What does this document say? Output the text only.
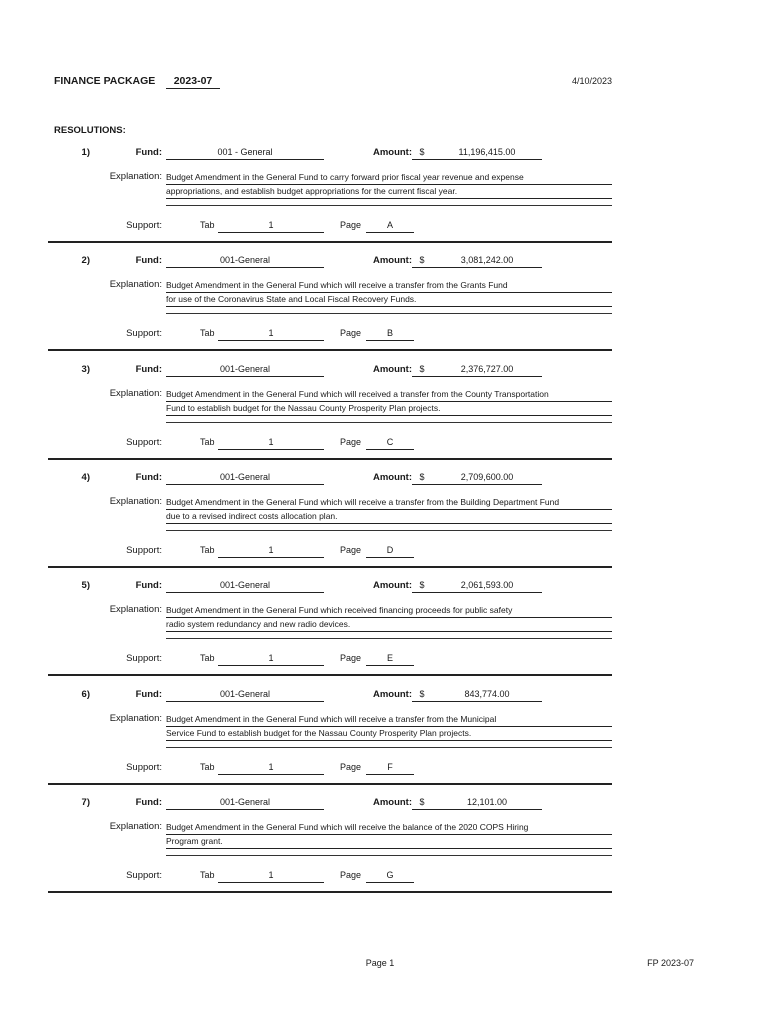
FINANCE PACKAGE	2023-07	4/10/2023
RESOLUTIONS:
1)	Fund:	001 - General	Amount: $	11,196,415.00
Explanation: Budget Amendment in the General Fund to carry forward prior fiscal year revenue and expense
appropriations, and establish budget appropriations for the current fiscal year.
Support:	Tab	1	Page	A
2)	Fund:	001-General	Amount: $	3,081,242.00
Explanation: Budget Amendment in the General Fund which will receive a transfer from the Grants Fund
for use of the Coronavirus State and Local Fiscal Recovery Funds.
Support:	Tab	1	Page	B
3)	Fund:	001-General	Amount: $	2,376,727.00
Explanation: Budget Amendment in the General Fund which will received a transfer from the County Transportation
Fund to establish budget for the Nassau County Prosperity Plan projects.
Support:	Tab	1	Page	C
4)	Fund:	001-General	Amount: $	2,709,600.00
Explanation: Budget Amendment in the General Fund which will receive a transfer from the Building Department Fund
due to a revised indirect costs allocation plan.
Support:	Tab	1	Page	D
5)	Fund:	001-General	Amount: $	2,061,593.00
Explanation: Budget Amendment in the General Fund which received financing proceeds for public safety
radio system redundancy and new radio devices.
Support:	Tab	1	Page	E
6)	Fund:	001-General	Amount: $	843,774.00
Explanation: Budget Amendment in the General Fund which will receive a transfer from the Municipal
Service Fund to establish budget for the Nassau County Prosperity Plan projects.
Support:	Tab	1	Page	F
7)	Fund:	001-General	Amount: $	12,101.00
Explanation: Budget Amendment in the General Fund which will receive the balance of the 2020 COPS Hiring
Program grant.
Support:	Tab	1	Page	G
Page 1	FP 2023-07
